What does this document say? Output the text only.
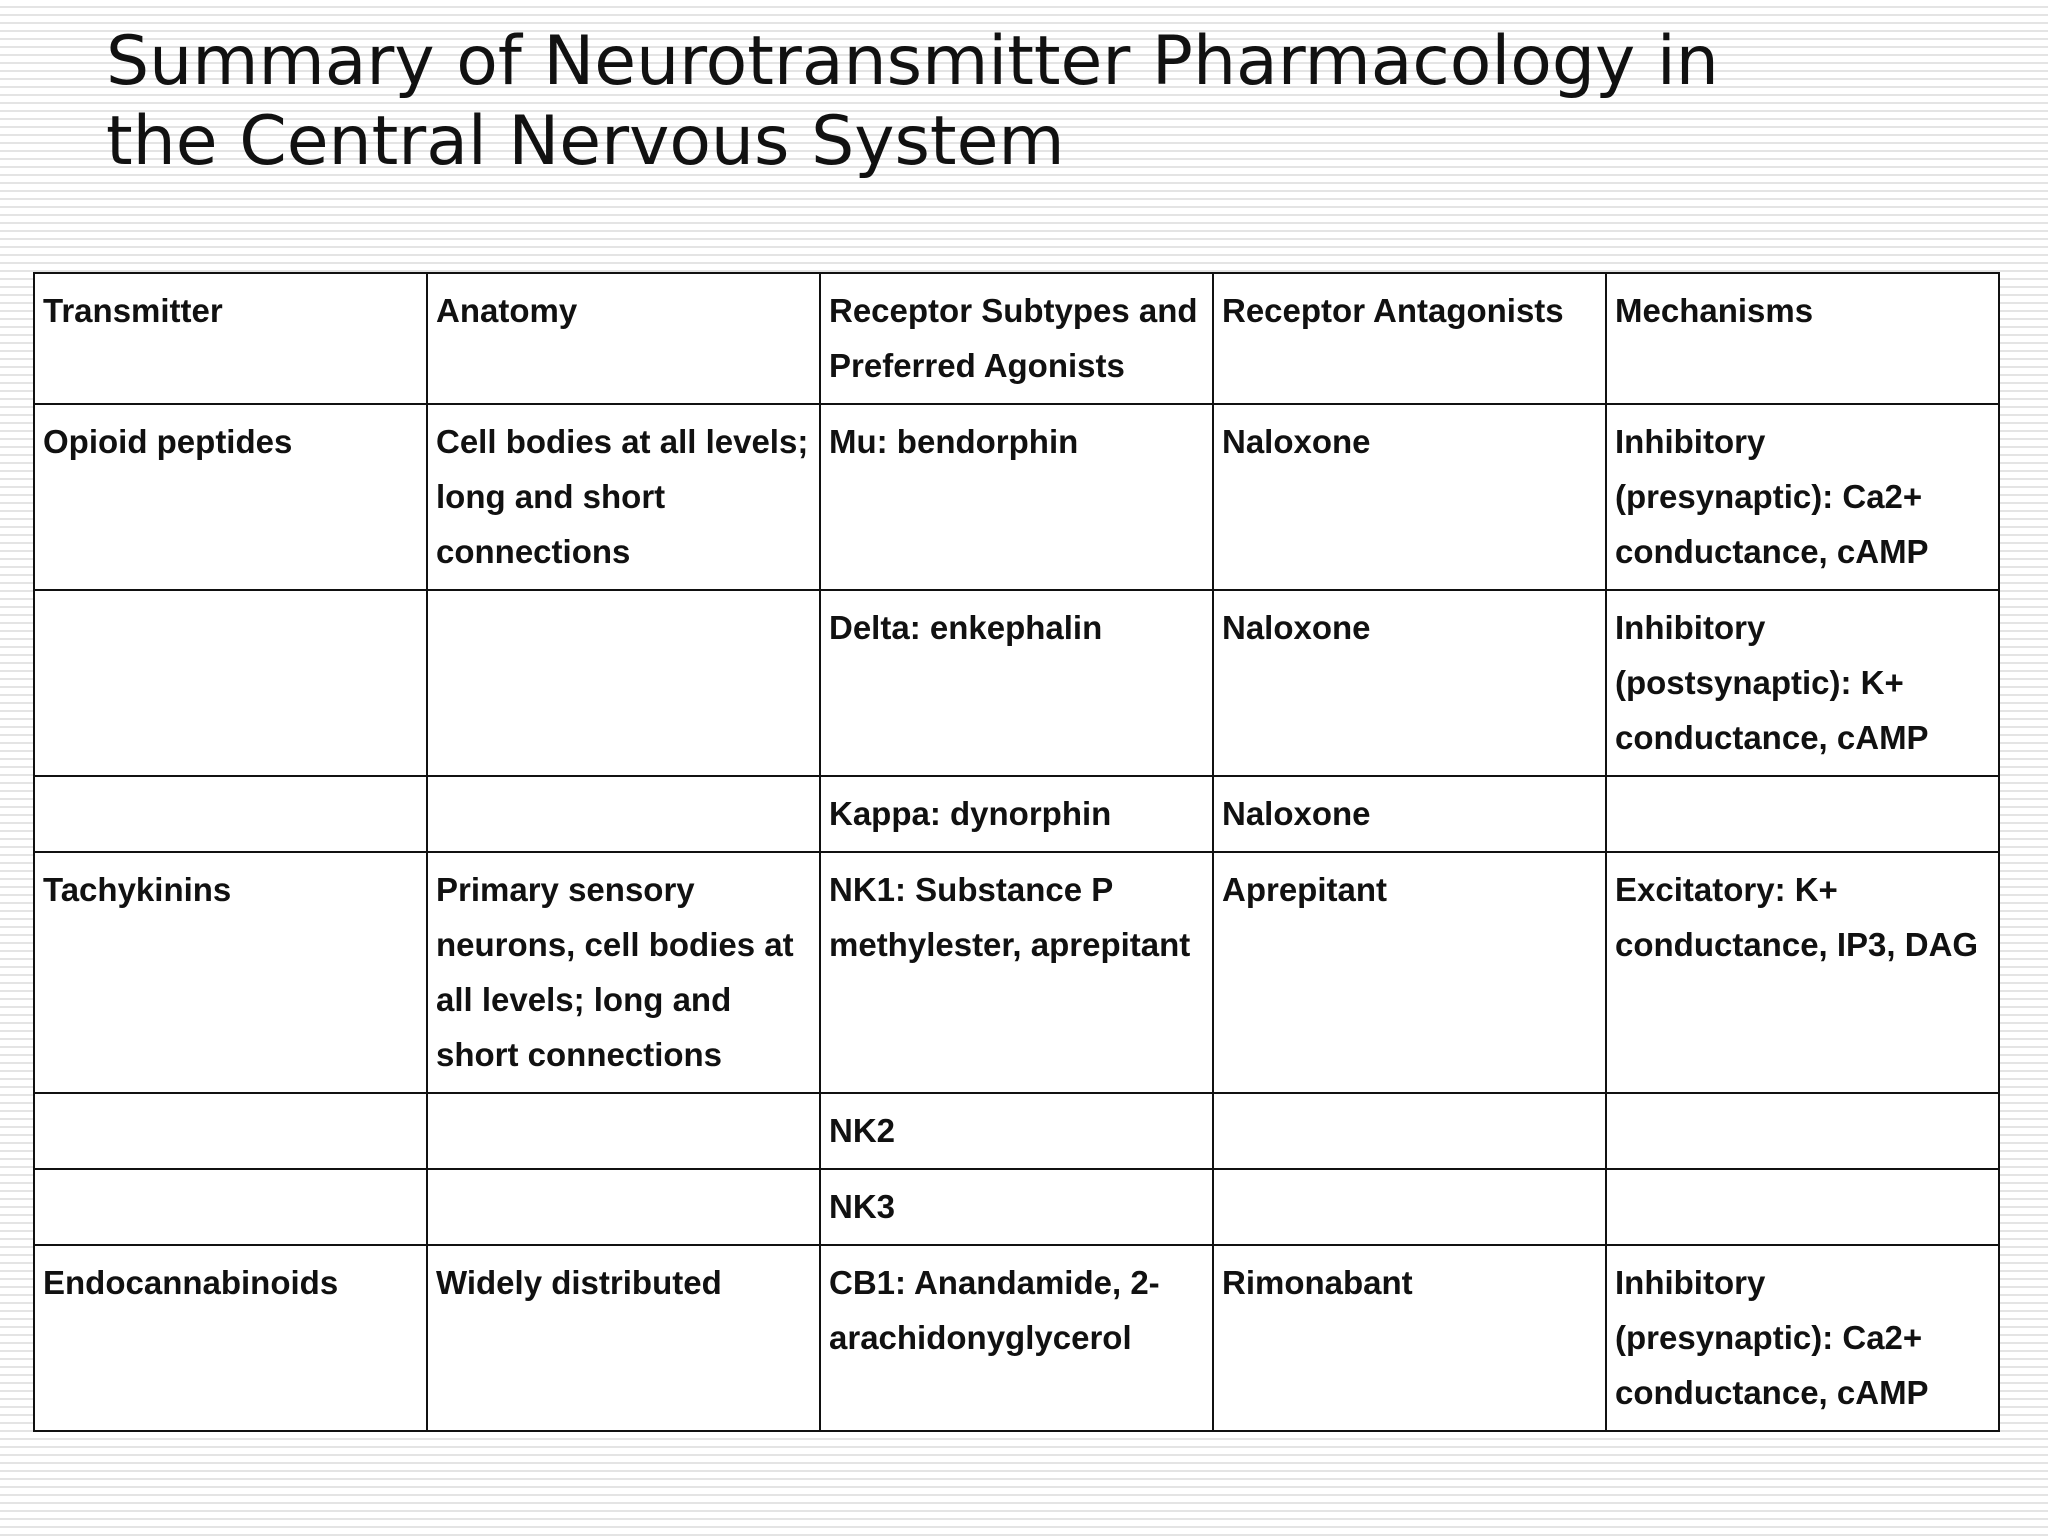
Summary of Neurotransmitter Pharmacology in
the Central Nervous System
Transmitter	Anatomy	Receptor Subtypes and Preferred Agonists	Receptor Antagonists	Mechanisms
Opioid peptides	Cell bodies at all levels; long and short connections	Mu: bendorphin	Naloxone	Inhibitory (presynaptic): Ca2+ conductance, cAMP
		Delta: enkephalin	Naloxone	Inhibitory (postsynaptic): K+ conductance, cAMP
		Kappa: dynorphin	Naloxone	
Tachykinins	Primary sensory neurons, cell bodies at all levels; long and short connections	NK1: Substance P methylester, aprepitant	Aprepitant	Excitatory: K+ conductance, IP3, DAG
		NK2		
		NK3		
Endocannabinoids	Widely distributed	CB1: Anandamide, 2-arachidonyglycerol	Rimonabant	Inhibitory (presynaptic): Ca2+ conductance, cAMP
